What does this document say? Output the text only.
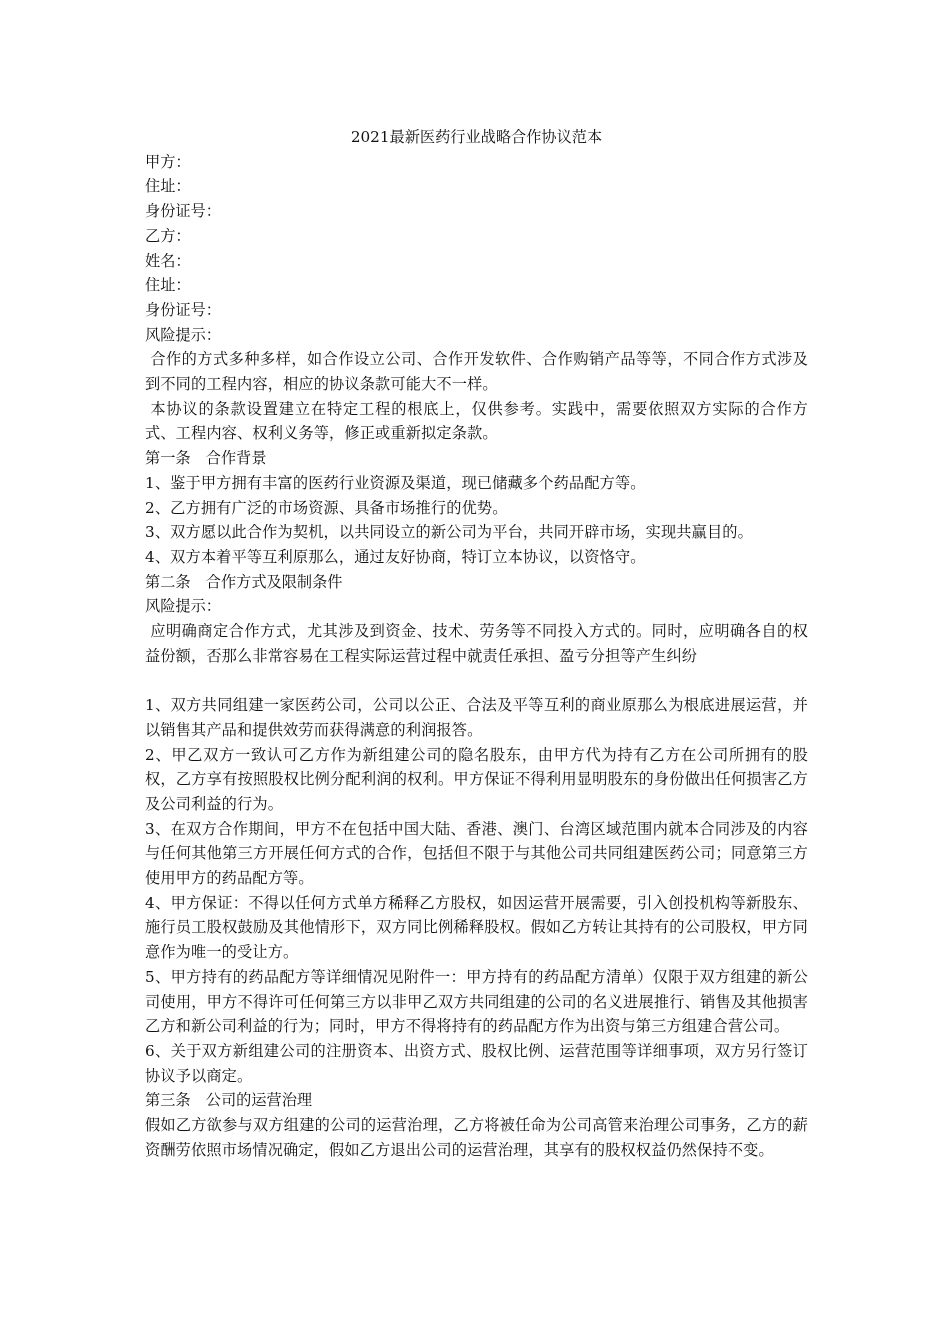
2021最新医药行业战略合作协议范本

甲方：

住址：

身份证号：

乙方：

姓名：

住址：

身份证号：

风险提示：

合作的方式多种多样，如合作设立公司、合作开发软件、合作购销产品等等，不同合作方式涉及到不同的工程内容，相应的协议条款可能大不一样。

本协议的条款设置建立在特定工程的根底上，仅供参考。实践中，需要依照双方实际的合作方式、工程内容、权利义务等，修正或重新拟定条款。

第一条　合作背景

1、鉴于甲方拥有丰富的医药行业资源及渠道，现已储藏多个药品配方等。

2、乙方拥有广泛的市场资源、具备市场推行的优势。

3、双方愿以此合作为契机，以共同设立的新公司为平台，共同开辟市场，实现共赢目的。

4、双方本着平等互利原那么，通过友好协商，特订立本协议，以资恪守。

第二条　合作方式及限制条件

风险提示：

应明确商定合作方式，尤其涉及到资金、技术、劳务等不同投入方式的。同时，应明确各自的权益份额，否那么非常容易在工程实际运营过程中就责任承担、盈亏分担等产生纠纷

1、双方共同组建一家医药公司，公司以公正、合法及平等互利的商业原那么为根底进展运营，并以销售其产品和提供效劳而获得满意的利润报答。

2、甲乙双方一致认可乙方作为新组建公司的隐名股东，由甲方代为持有乙方在公司所拥有的股权，乙方享有按照股权比例分配利润的权利。甲方保证不得利用显明股东的身份做出任何损害乙方及公司利益的行为。

3、在双方合作期间，甲方不在包括中国大陆、香港、澳门、台湾区域范围内就本合同涉及的内容与任何其他第三方开展任何方式的合作，包括但不限于与其他公司共同组建医药公司；同意第三方使用甲方的药品配方等。

4、甲方保证：不得以任何方式单方稀释乙方股权，如因运营开展需要，引入创投机构等新股东、施行员工股权鼓励及其他情形下，双方同比例稀释股权。假如乙方转让其持有的公司股权，甲方同意作为唯一的受让方。

5、甲方持有的药品配方等详细情况见附件一：甲方持有的药品配方清单）仅限于双方组建的新公司使用，甲方不得许可任何第三方以非甲乙双方共同组建的公司的名义进展推行、销售及其他损害乙方和新公司利益的行为；同时，甲方不得将持有的药品配方作为出资与第三方组建合营公司。

6、关于双方新组建公司的注册资本、出资方式、股权比例、运营范围等详细事项，双方另行签订协议予以商定。

第三条　公司的运营治理

假如乙方欲参与双方组建的公司的运营治理，乙方将被任命为公司高管来治理公司事务，乙方的薪资酬劳依照市场情况确定，假如乙方退出公司的运营治理，其享有的股权权益仍然保持不变。
